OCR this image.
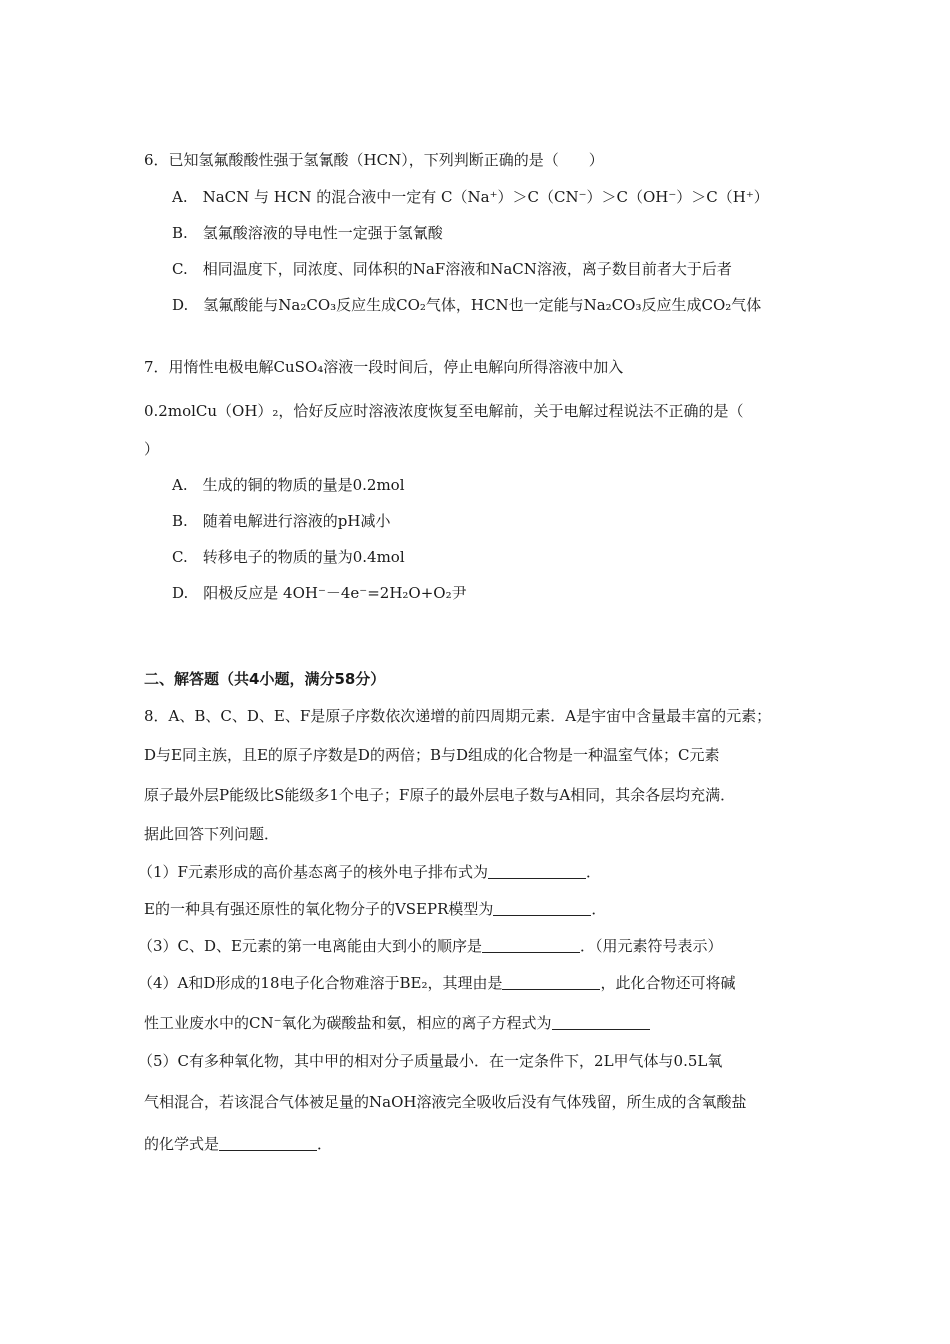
6．已知氢氟酸酸性强于氢氰酸（HCN），下列判断正确的是（　　）
A.　NaCN 与 HCN 的混合液中一定有 C（Na⁺）＞C（CN⁻）＞C（OH⁻）＞C（H⁺）
B.　氢氟酸溶液的导电性一定强于氢氰酸
C.　相同温度下，同浓度、同体积的NaF溶液和NaCN溶液，离子数目前者大于后者
D.　氢氟酸能与Na₂CO₃反应生成CO₂气体，HCN也一定能与Na₂CO₃反应生成CO₂气体
7．用惰性电极电解CuSO₄溶液一段时间后，停止电解向所得溶液中加入
0.2molCu（OH）₂，恰好反应时溶液浓度恢复至电解前，关于电解过程说法不正确的是（
）
A.　生成的铜的物质的量是0.2mol
B.　随着电解进行溶液的pH减小
C.　转移电子的物质的量为0.4mol
D.　阳极反应是 4OH⁻－4e⁻=2H₂O+O₂尹
二、解答题（共4小题，满分58分）
8．A、B、C、D、E、F是原子序数依次递增的前四周期元素．A是宇宙中含量最丰富的元素；
D与E同主族，且E的原子序数是D的两倍；B与D组成的化合物是一种温室气体；C元素
原子最外层P能级比S能级多1个电子；F原子的最外层电子数与A相同，其余各层均充满．
据此回答下列问题．
（1）F元素形成的高价基态离子的核外电子排布式为	．
E的一种具有强还原性的氧化物分子的VSEPR模型为	．
（3）C、D、E元素的第一电离能由大到小的顺序是	．（用元素符号表示）
（4）A和D形成的18电子化合物难溶于BE₂，其理由是	，此化合物还可将碱
性工业废水中的CN⁻氧化为碳酸盐和氨，相应的离子方程式为
（5）C有多种氧化物，其中甲的相对分子质量最小．在一定条件下，2L甲气体与0.5L氧
气相混合，若该混合气体被足量的NaOH溶液完全吸收后没有气体残留，所生成的含氧酸盐
的化学式是	．
